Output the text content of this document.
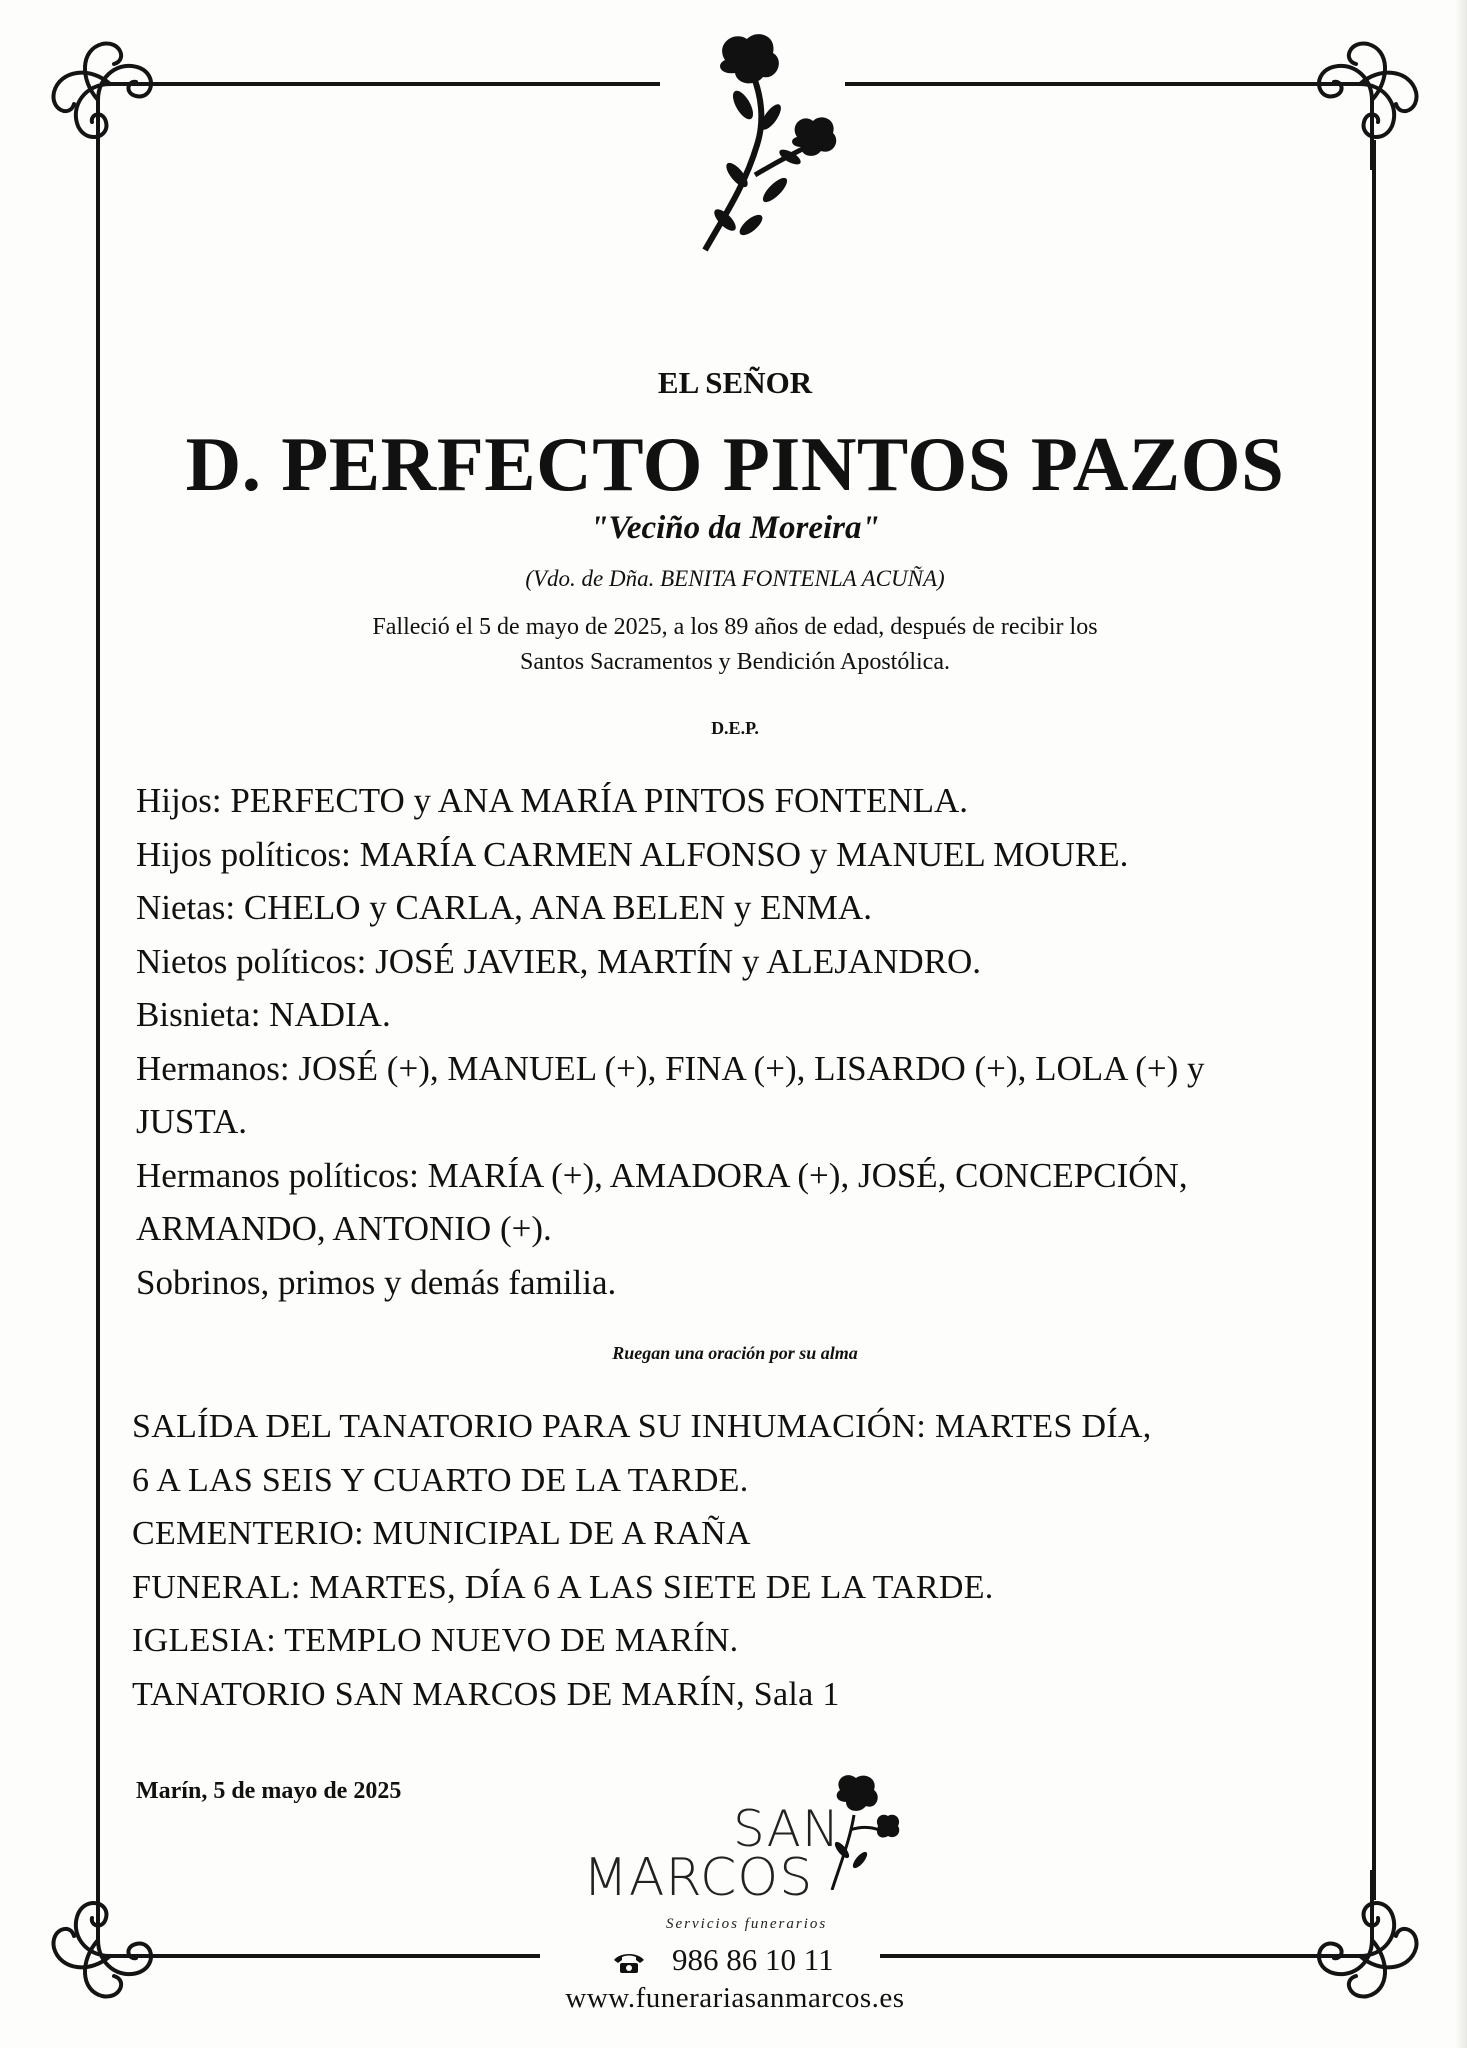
EL SEÑOR
D. PERFECTO PINTOS PAZOS
"Veciño da Moreira"
(Vdo. de Dña. BENITA FONTENLA ACUÑA)
Falleció el 5 de mayo de 2025, a los 89 años de edad, después de recibir los
Santos Sacramentos y Bendición Apostólica.
D.E.P.
Hijos: PERFECTO y ANA MARÍA PINTOS FONTENLA.
Hijos políticos: MARÍA CARMEN ALFONSO y MANUEL MOURE.
Nietas: CHELO y CARLA, ANA BELEN y ENMA.
Nietos políticos: JOSÉ JAVIER, MARTÍN y ALEJANDRO.
Bisnieta: NADIA.
Hermanos: JOSÉ (+), MANUEL (+), FINA (+), LISARDO (+), LOLA (+) y
JUSTA.
Hermanos políticos: MARÍA (+), AMADORA (+), JOSÉ, CONCEPCIÓN,
ARMANDO, ANTONIO (+).
Sobrinos, primos y demás familia.
Ruegan una oración por su alma
SALÍDA DEL TANATORIO PARA SU INHUMACIÓN: MARTES DÍA,
6 A LAS SEIS Y CUARTO DE LA TARDE.
CEMENTERIO: MUNICIPAL DE A RAÑA
FUNERAL: MARTES, DÍA 6 A LAS SIETE DE LA TARDE.
IGLESIA: TEMPLO NUEVO DE MARÍN.
TANATORIO SAN MARCOS DE MARÍN, Sala 1
Marín, 5 de mayo de 2025
SAN
MARCOS
Servicios funerarios
986 86 10 11
www.funerariasanmarcos.es
